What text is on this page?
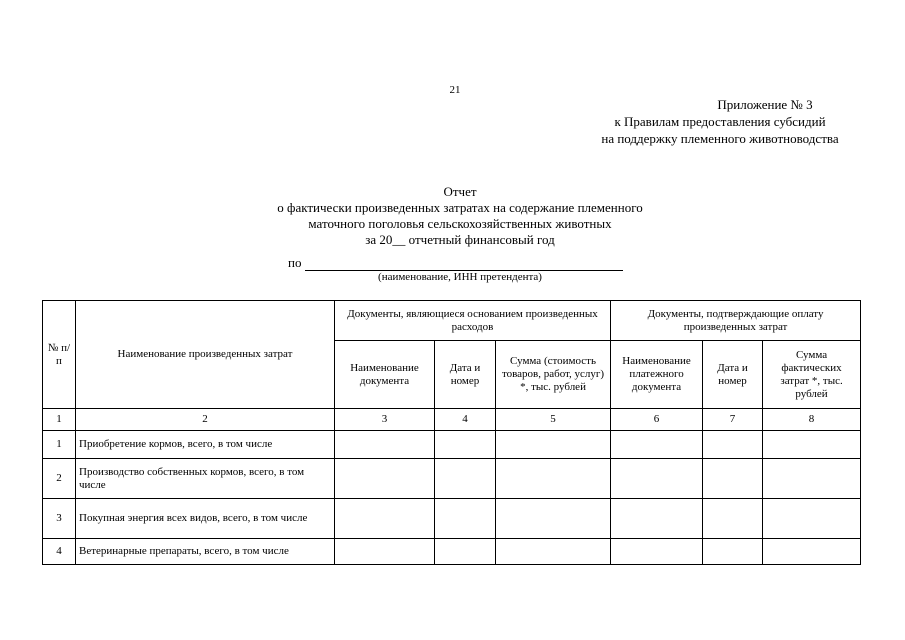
21
Приложение № 3
к Правилам предоставления субсидий
на поддержку племенного животноводства
Отчет
о фактически произведенных затратах на содержание племенного
маточного поголовья сельскохозяйственных животных
за 20__ отчетный финансовый год
по
(наименование, ИНН претендента)
№ п/п	Наименование произведенных затрат	Документы, являющиеся основанием произведенных расходов			Документы, подтверждающие оплату произведенных затрат		
		Наименование документа	Дата и номер	Сумма (стоимость товаров, работ, услуг) *, тыс. рублей	Наименование платежного документа	Дата и номер	Сумма фактических затрат *, тыс. рублей
1	2	3	4	5	6	7	8
1	Приобретение кормов, всего, в том числе						
2	Производство собственных кормов, всего, в том числе						
3	Покупная энергия всех видов, всего, в том числе						
4	Ветеринарные препараты, всего, в том числе						
